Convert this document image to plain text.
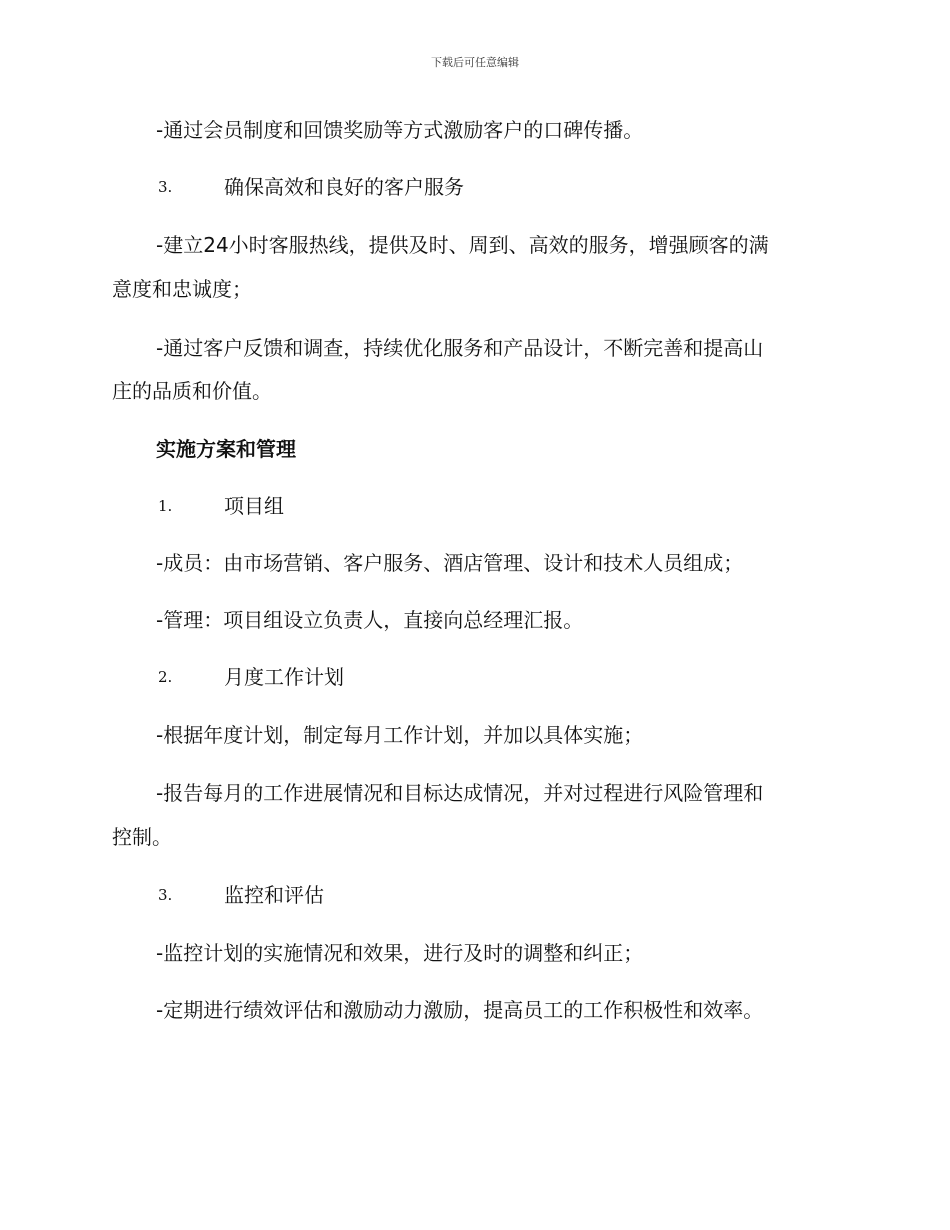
下载后可任意编辑
-通过会员制度和回馈奖励等方式激励客户的口碑传播。
3.	确保高效和良好的客户服务
-建立24小时客服热线，提供及时、周到、高效的服务，增强顾客的满
意度和忠诚度；
-通过客户反馈和调查，持续优化服务和产品设计，不断完善和提高山
庄的品质和价值。
实施方案和管理
1.	项目组
-成员：由市场营销、客户服务、酒店管理、设计和技术人员组成；
-管理：项目组设立负责人，直接向总经理汇报。
2.	月度工作计划
-根据年度计划，制定每月工作计划，并加以具体实施；
-报告每月的工作进展情况和目标达成情况，并对过程进行风险管理和
控制。
3.	监控和评估
-监控计划的实施情况和效果，进行及时的调整和纠正；
-定期进行绩效评估和激励动力激励，提高员工的工作积极性和效率。
